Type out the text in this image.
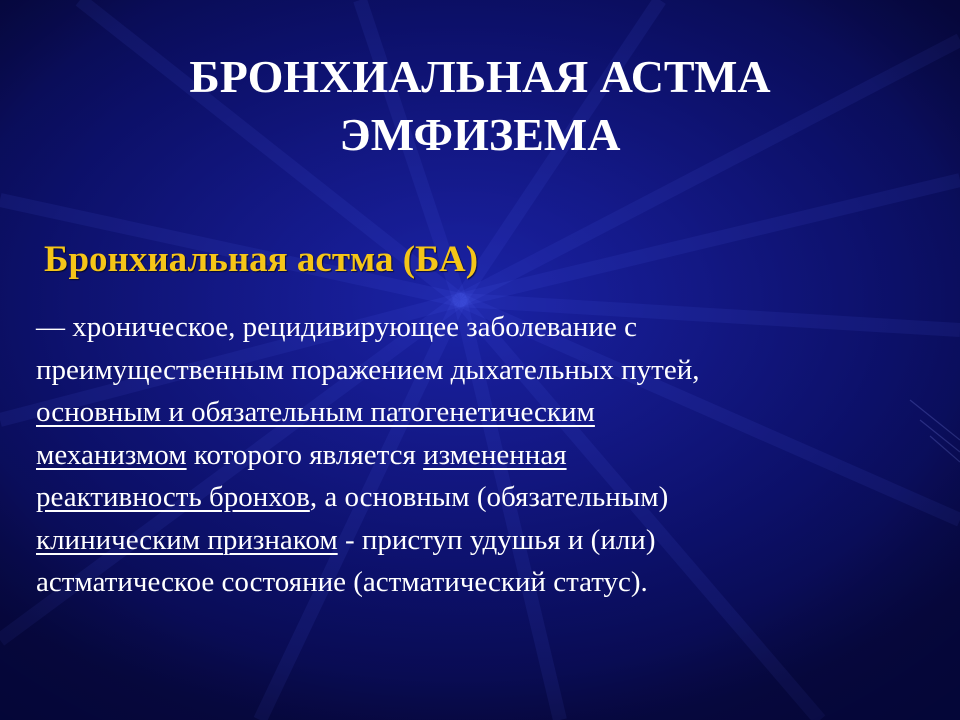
БРОНХИАЛЬНАЯ АСТМА
ЭМФИЗЕМА
Бронхиальная астма (БА)
— хроническое, рецидивирующее заболевание с
преимущественным поражением дыхательных путей,
основным и обязательным патогенетическим
механизмом которого является измененная
реактивность бронхов, а основным (обязательным)
клиническим признаком - приступ удушья и (или)
астматическое состояние (астматический статус).
